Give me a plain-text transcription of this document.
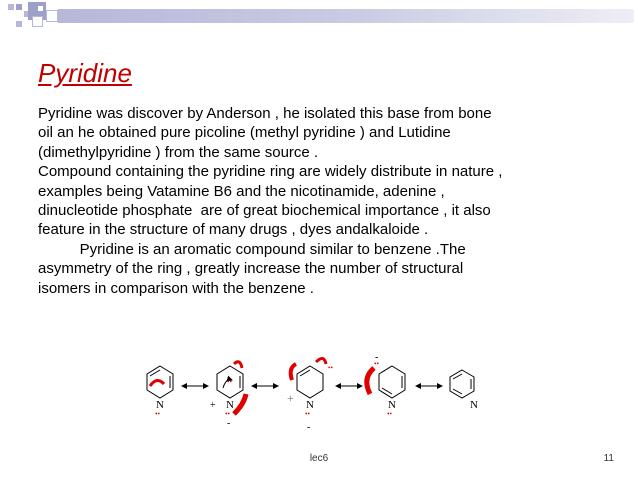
Pyridine
Pyridine was discover by Anderson , he isolated this base from bone
oil an he obtained pure picoline (methyl pyridine ) and Lutidine
(dimethylpyridine ) from the same source .
Compound containing the pyridine ring are widely distribute in nature ,
examples being Vatamine B6 and the nicotinamide, adenine ,
dinucleotide phosphate  are of great biochemical importance , it also
feature in the structure of many drugs , dyes andalkaloide .
Pyridine is an aromatic compound similar to benzene .The
asymmetry of the ring , greatly increase the number of structural
isomers in comparison with the benzene .
N
••
N
+
••
••
-
N
+
••
••
-
N
••
••
-
N
lec6	11
